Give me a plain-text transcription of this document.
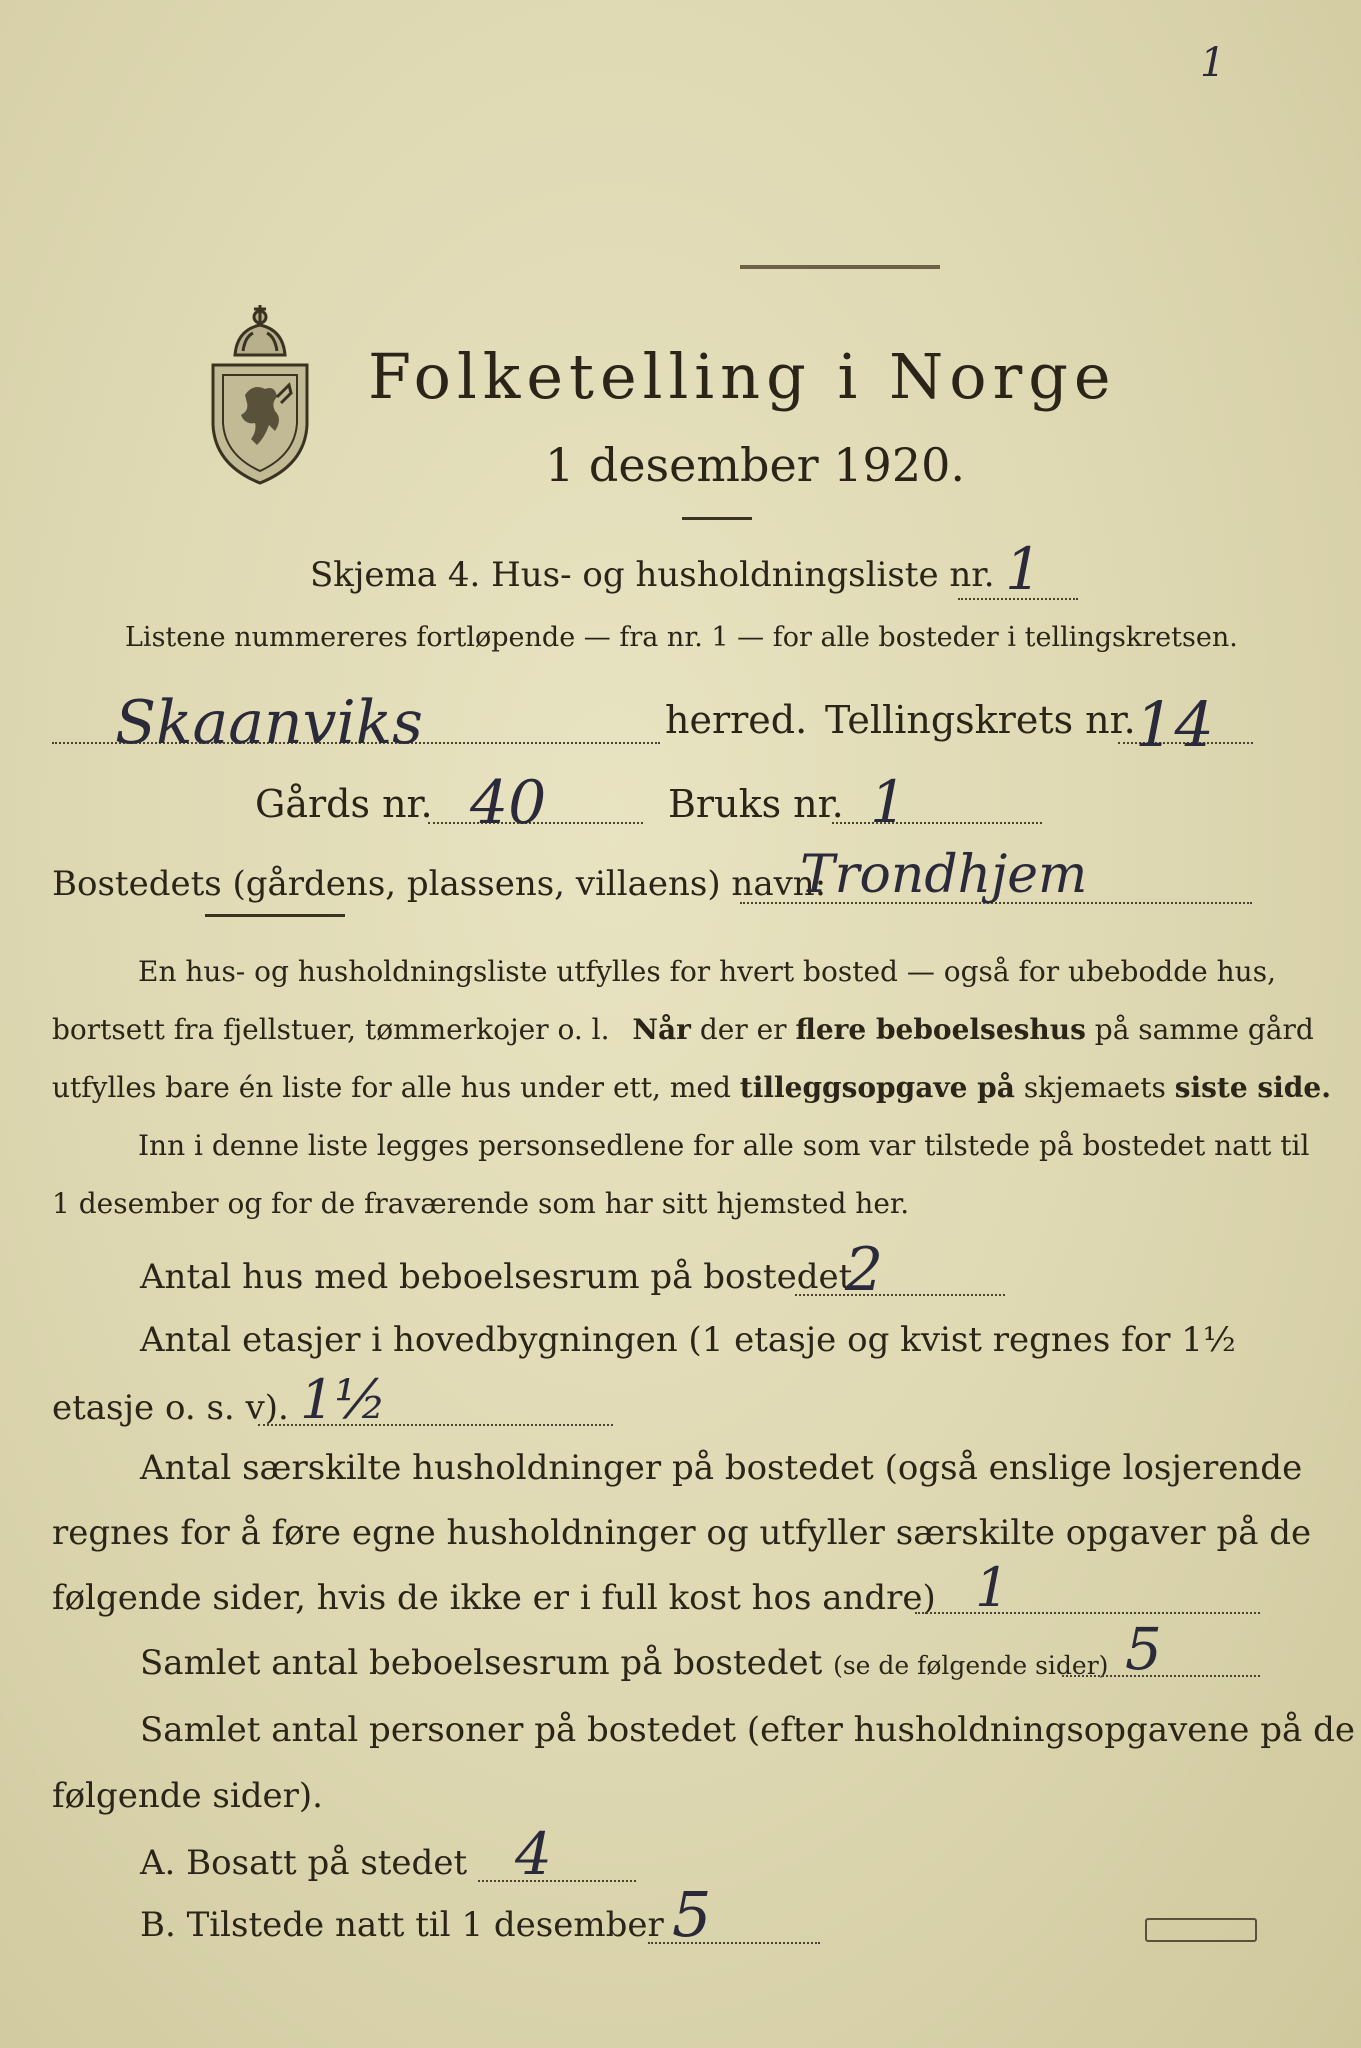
1
Folketelling i Norge
1 desember 1920.
Skjema 4. Hus- og husholdningsliste nr. 1
Listene nummereres fortløpende — fra nr. 1 — for alle bosteder i tellingskretsen.
Skaanviks	herred. Tellingskrets nr. 14
Gårds nr. 40	Bruks nr. 1
Bostedets (gårdens, plassens, villaens) navn:
Trondhjem
En hus- og husholdningsliste utfylles for hvert bosted — også for ubebodde hus,
bortsett fra fjellstuer, tømmerkojer o. l. Når der er flere beboelseshus på samme gård
utfylles bare én liste for alle hus under ett, med tilleggsopgave på skjemaets siste side.
Inn i denne liste legges personsedlene for alle som var tilstede på bostedet natt til
1 desember og for de fraværende som har sitt hjemsted her.
Antal hus med beboelsesrum på bostedet
2
Antal etasjer i hovedbygningen (1 etasje og kvist regnes for 1½
etasje o. s. v). 1½
Antal særskilte husholdninger på bostedet (også enslige losjerende
regnes for å føre egne husholdninger og utfyller særskilte opgaver på de
følgende sider, hvis de ikke er i full kost hos andre) 1
Samlet antal beboelsesrum på bostedet (se de følgende sider) 5
Samlet antal personer på bostedet (efter husholdningsopgavene på de
følgende sider).
A. Bosatt på stedet 4
B. Tilstede natt til 1 desember 5
